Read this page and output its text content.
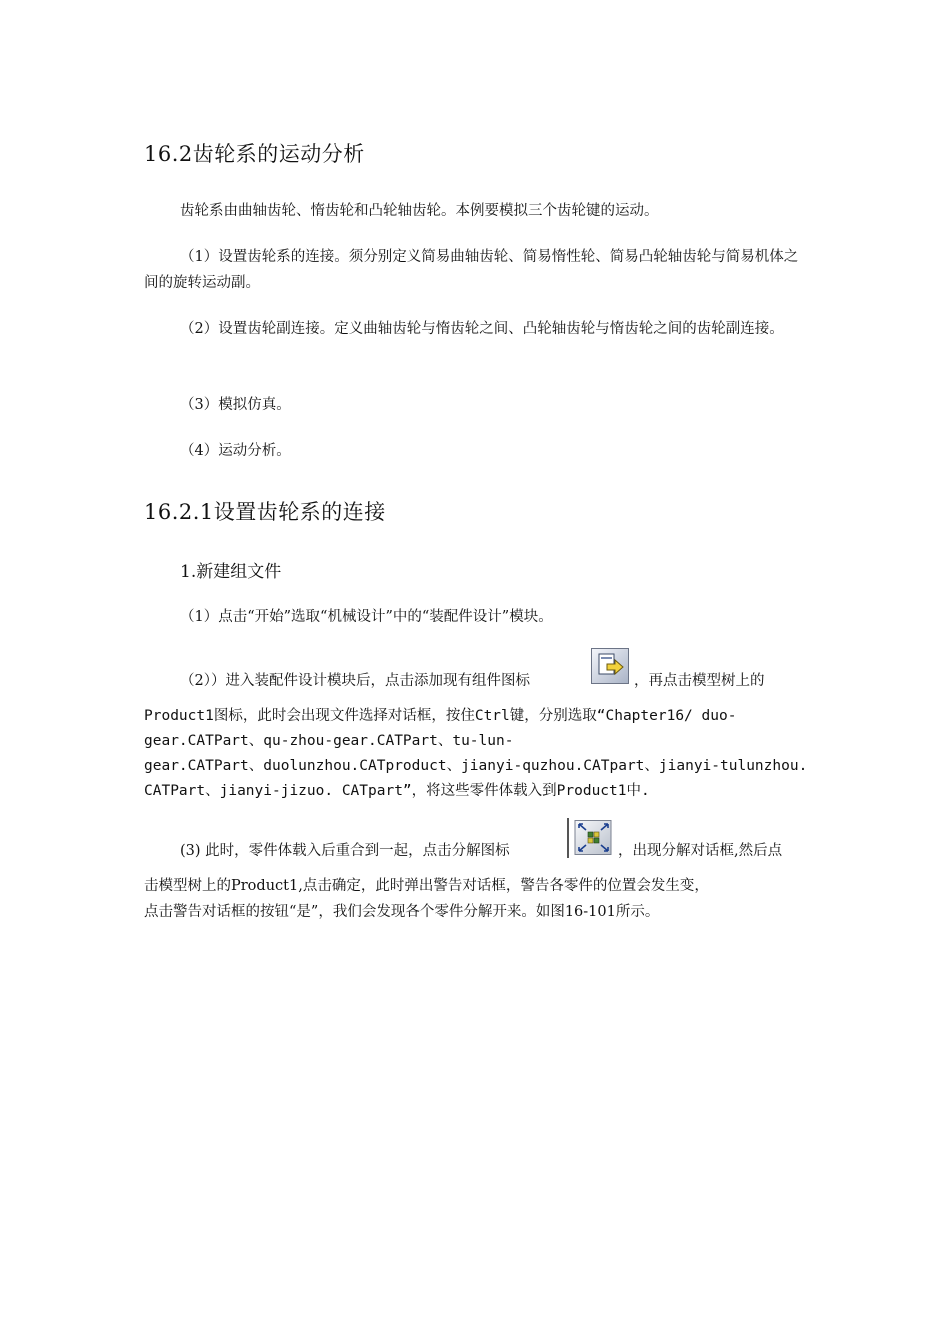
16.2齿轮系的运动分析

齿轮系由曲轴齿轮、惰齿轮和凸轮轴齿轮。本例要模拟三个齿轮键的运动。

（1）设置齿轮系的连接。须分别定义简易曲轴齿轮、简易惰性轮、简易凸轮轴齿轮与简易机体之间的旋转运动副。

（2）设置齿轮副连接。定义曲轴齿轮与惰齿轮之间、凸轮轴齿轮与惰齿轮之间的齿轮副连接。

（3）模拟仿真。
（4）运动分析。
16.2.1设置齿轮系的连接
1.新建组文件
（1）点击“开始”选取“机械设计”中的“装配件设计”模块。
（2））进入装配件设计模块后，点击添加现有组件图标	，再点击模型树上的
Product1图标，此时会出现文件选择对话框，按住Ctrl键，分别选取“Chapter16/ duo-
gear.CATPart、qu-zhou-gear.CATPart、tu-lun-
gear.CATPart、duolunzhou.CATproduct、jianyi-quzhou.CATpart、jianyi-tulunzhou.
CATPart、jianyi-jizuo. CATpart”，将这些零件体载入到Product1中.
(3) 此时，零件体载入后重合到一起，点击分解图标	，出现分解对话框,然后点
击模型树上的Product1,点击确定，此时弹出警告对话框，警告各零件的位置会发生变，
点击警告对话框的按钮“是”，我们会发现各个零件分解开来。如图16-101所示。
